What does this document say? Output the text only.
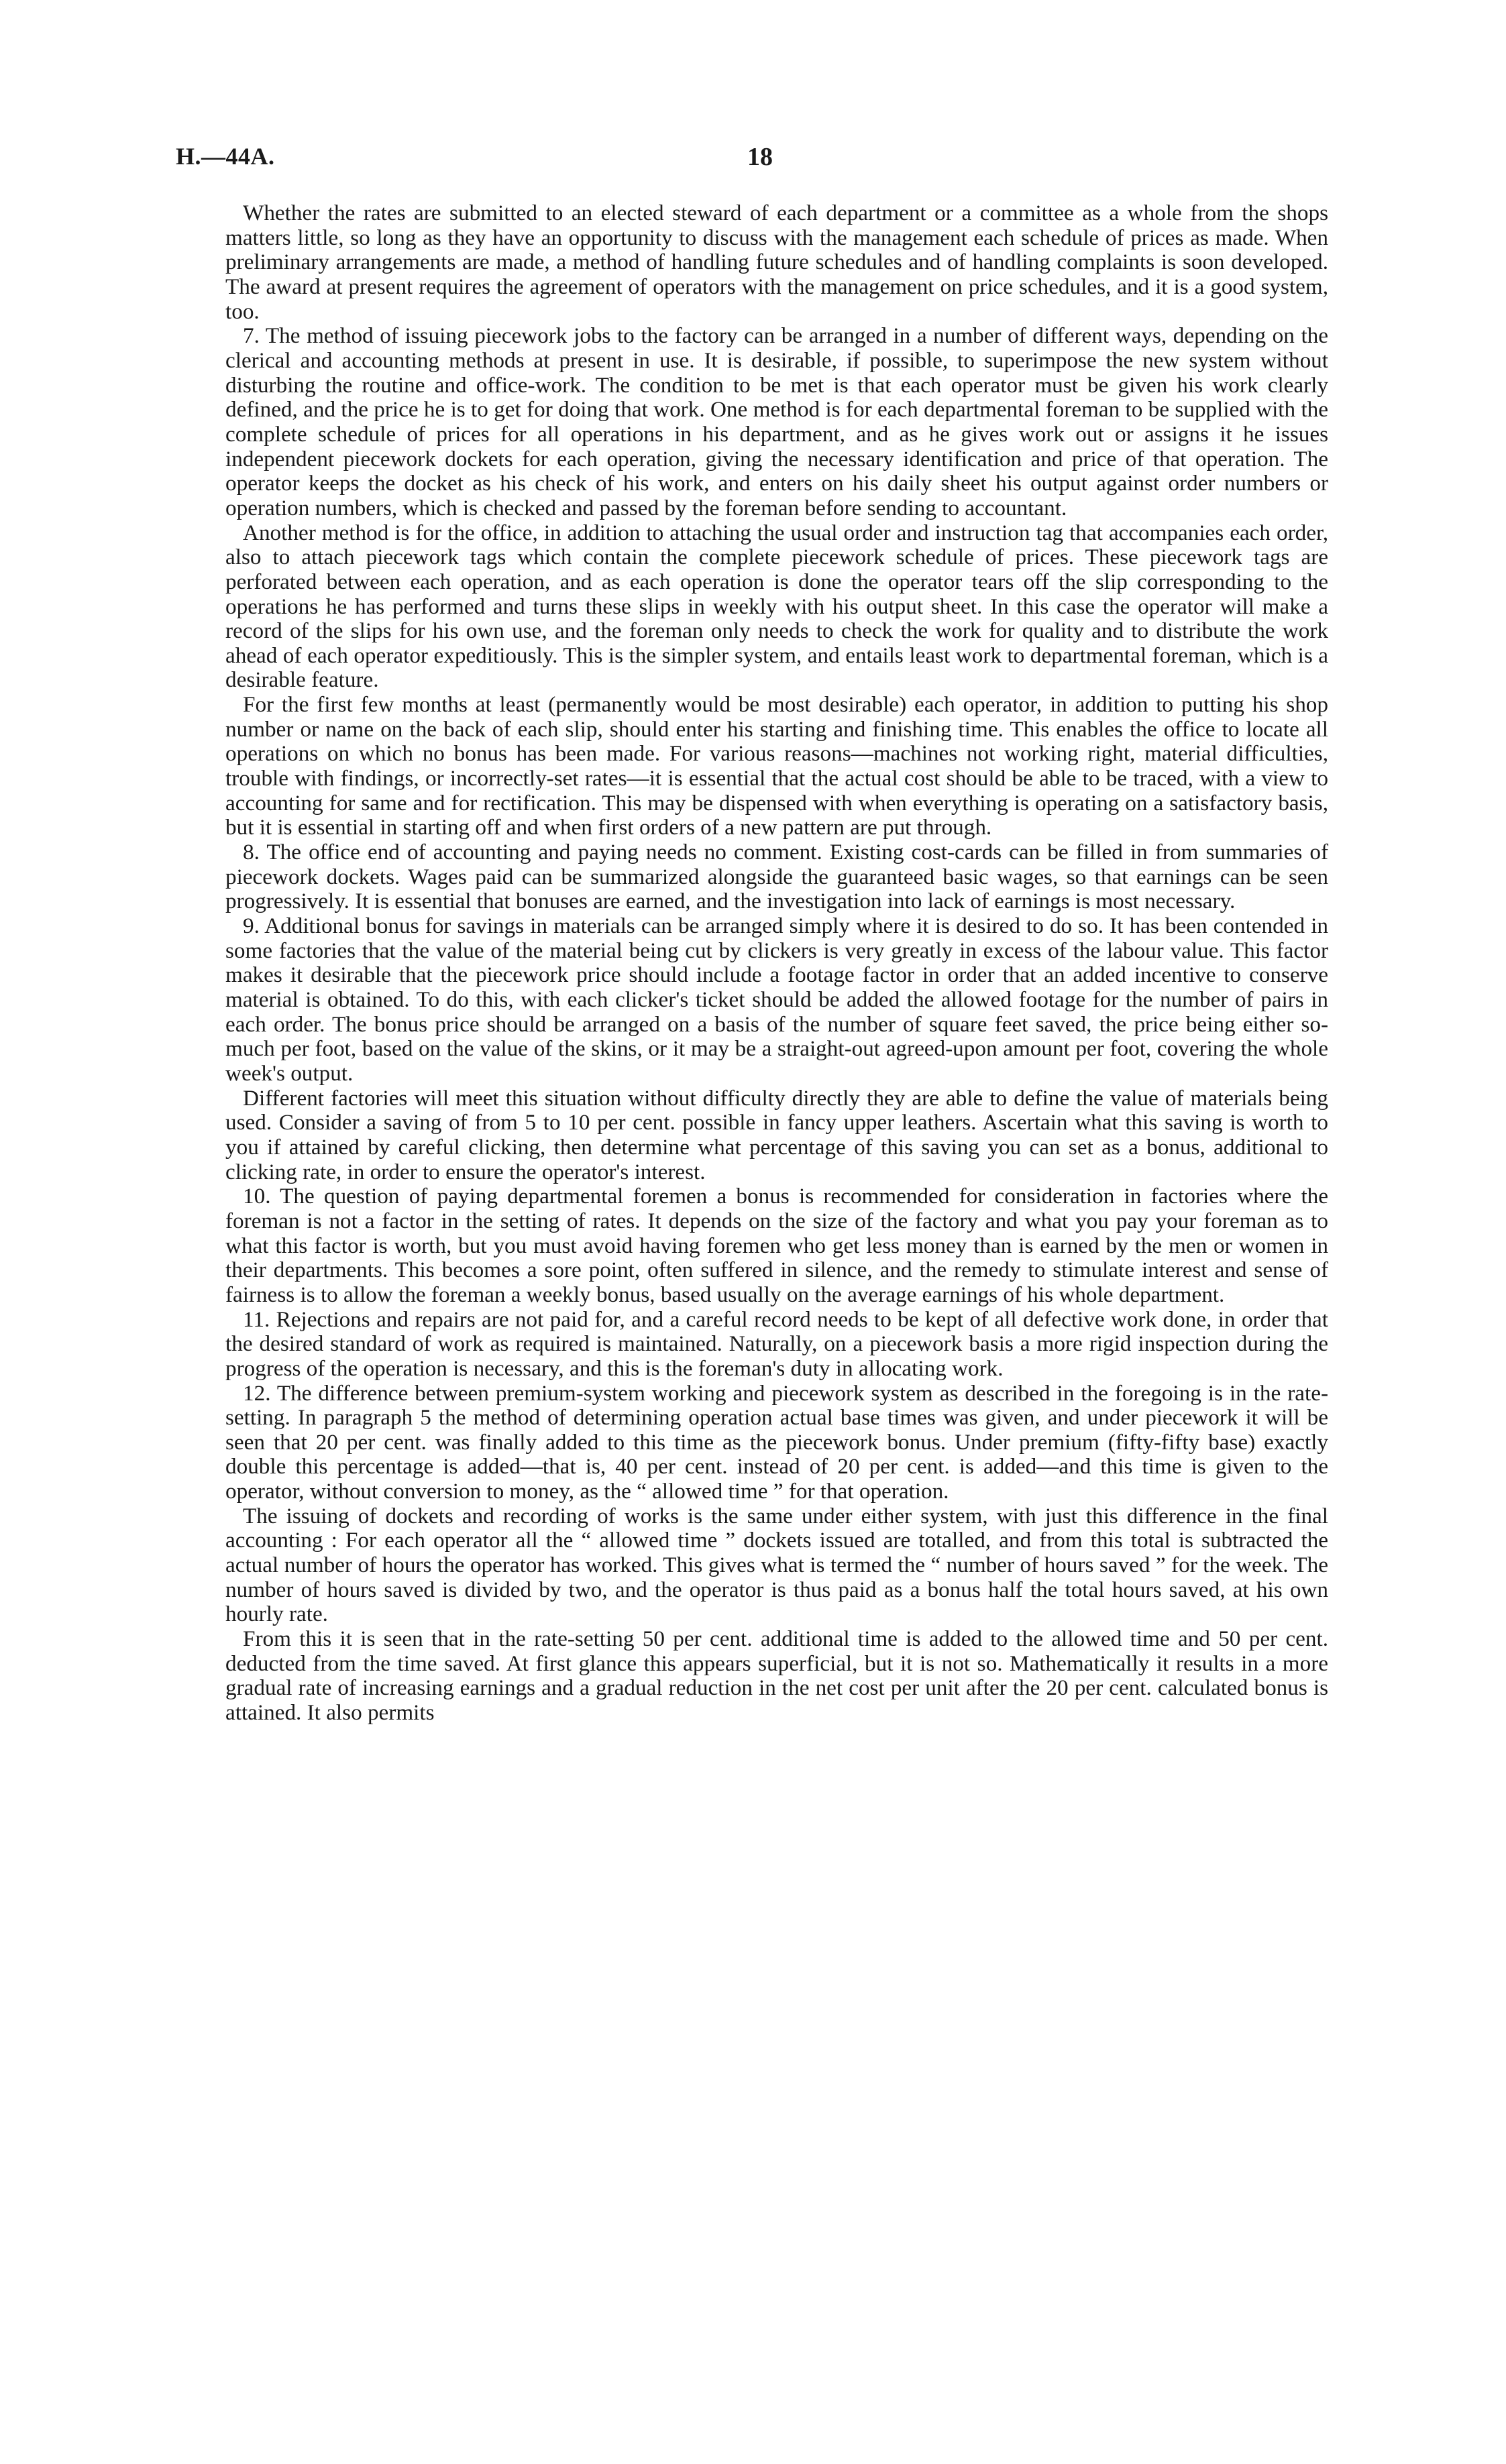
H.—44A.	18

Whether the rates are submitted to an elected steward of each department or a committee as a whole from the shops matters little, so long as they have an opportunity to discuss with the management each schedule of prices as made. When preliminary arrangements are made, a method of handling future schedules and of handling complaints is soon developed. The award at present requires the agreement of operators with the management on price schedules, and it is a good system, too.

7. The method of issuing piecework jobs to the factory can be arranged in a number of different ways, depending on the clerical and accounting methods at present in use. It is desirable, if possible, to superimpose the new system without disturbing the routine and office-work. The condition to be met is that each operator must be given his work clearly defined, and the price he is to get for doing that work. One method is for each departmental foreman to be supplied with the complete schedule of prices for all operations in his department, and as he gives work out or assigns it he issues independent piecework dockets for each operation, giving the necessary identification and price of that operation. The operator keeps the docket as his check of his work, and enters on his daily sheet his output against order numbers or operation numbers, which is checked and passed by the foreman before sending to accountant.

Another method is for the office, in addition to attaching the usual order and instruction tag that accompanies each order, also to attach piecework tags which contain the complete piecework schedule of prices. These piecework tags are perforated between each operation, and as each operation is done the operator tears off the slip corresponding to the operations he has performed and turns these slips in weekly with his output sheet. In this case the operator will make a record of the slips for his own use, and the foreman only needs to check the work for quality and to distribute the work ahead of each operator expeditiously. This is the simpler system, and entails least work to departmental foreman, which is a desirable feature.

For the first few months at least (permanently would be most desirable) each operator, in addition to putting his shop number or name on the back of each slip, should enter his starting and finishing time. This enables the office to locate all operations on which no bonus has been made. For various reasons—machines not working right, material difficulties, trouble with findings, or incorrectly-set rates—it is essential that the actual cost should be able to be traced, with a view to accounting for same and for rectification. This may be dispensed with when everything is operating on a satisfactory basis, but it is essential in starting off and when first orders of a new pattern are put through.

8. The office end of accounting and paying needs no comment. Existing cost-cards can be filled in from summaries of piecework dockets. Wages paid can be summarized alongside the guaranteed basic wages, so that earnings can be seen progressively. It is essential that bonuses are earned, and the investigation into lack of earnings is most necessary.

9. Additional bonus for savings in materials can be arranged simply where it is desired to do so. It has been contended in some factories that the value of the material being cut by clickers is very greatly in excess of the labour value. This factor makes it desirable that the piecework price should include a footage factor in order that an added incentive to conserve material is obtained. To do this, with each clicker's ticket should be added the allowed footage for the number of pairs in each order. The bonus price should be arranged on a basis of the number of square feet saved, the price being either so-much per foot, based on the value of the skins, or it may be a straight-out agreed-upon amount per foot, covering the whole week's output.

Different factories will meet this situation without difficulty directly they are able to define the value of materials being used. Consider a saving of from 5 to 10 per cent. possible in fancy upper leathers. Ascertain what this saving is worth to you if attained by careful clicking, then determine what percentage of this saving you can set as a bonus, additional to clicking rate, in order to ensure the operator's interest.

10. The question of paying departmental foremen a bonus is recommended for consideration in factories where the foreman is not a factor in the setting of rates. It depends on the size of the factory and what you pay your foreman as to what this factor is worth, but you must avoid having foremen who get less money than is earned by the men or women in their departments. This becomes a sore point, often suffered in silence, and the remedy to stimulate interest and sense of fairness is to allow the foreman a weekly bonus, based usually on the average earnings of his whole department.

11. Rejections and repairs are not paid for, and a careful record needs to be kept of all defective work done, in order that the desired standard of work as required is maintained. Naturally, on a piecework basis a more rigid inspection during the progress of the operation is necessary, and this is the foreman's duty in allocating work.

12. The difference between premium-system working and piecework system as described in the foregoing is in the rate-setting. In paragraph 5 the method of determining operation actual base times was given, and under piecework it will be seen that 20 per cent. was finally added to this time as the piecework bonus. Under premium (fifty-fifty base) exactly double this percentage is added—that is, 40 per cent. instead of 20 per cent. is added—and this time is given to the operator, without conversion to money, as the “ allowed time ” for that operation.

The issuing of dockets and recording of works is the same under either system, with just this difference in the final accounting : For each operator all the “ allowed time ” dockets issued are totalled, and from this total is subtracted the actual number of hours the operator has worked. This gives what is termed the “ number of hours saved ” for the week. The number of hours saved is divided by two, and the operator is thus paid as a bonus half the total hours saved, at his own hourly rate.

From this it is seen that in the rate-setting 50 per cent. additional time is added to the allowed time and 50 per cent. deducted from the time saved. At first glance this appears superficial, but it is not so. Mathematically it results in a more gradual rate of increasing earnings and a gradual reduction in the net cost per unit after the 20 per cent. calculated bonus is attained. It also permits
